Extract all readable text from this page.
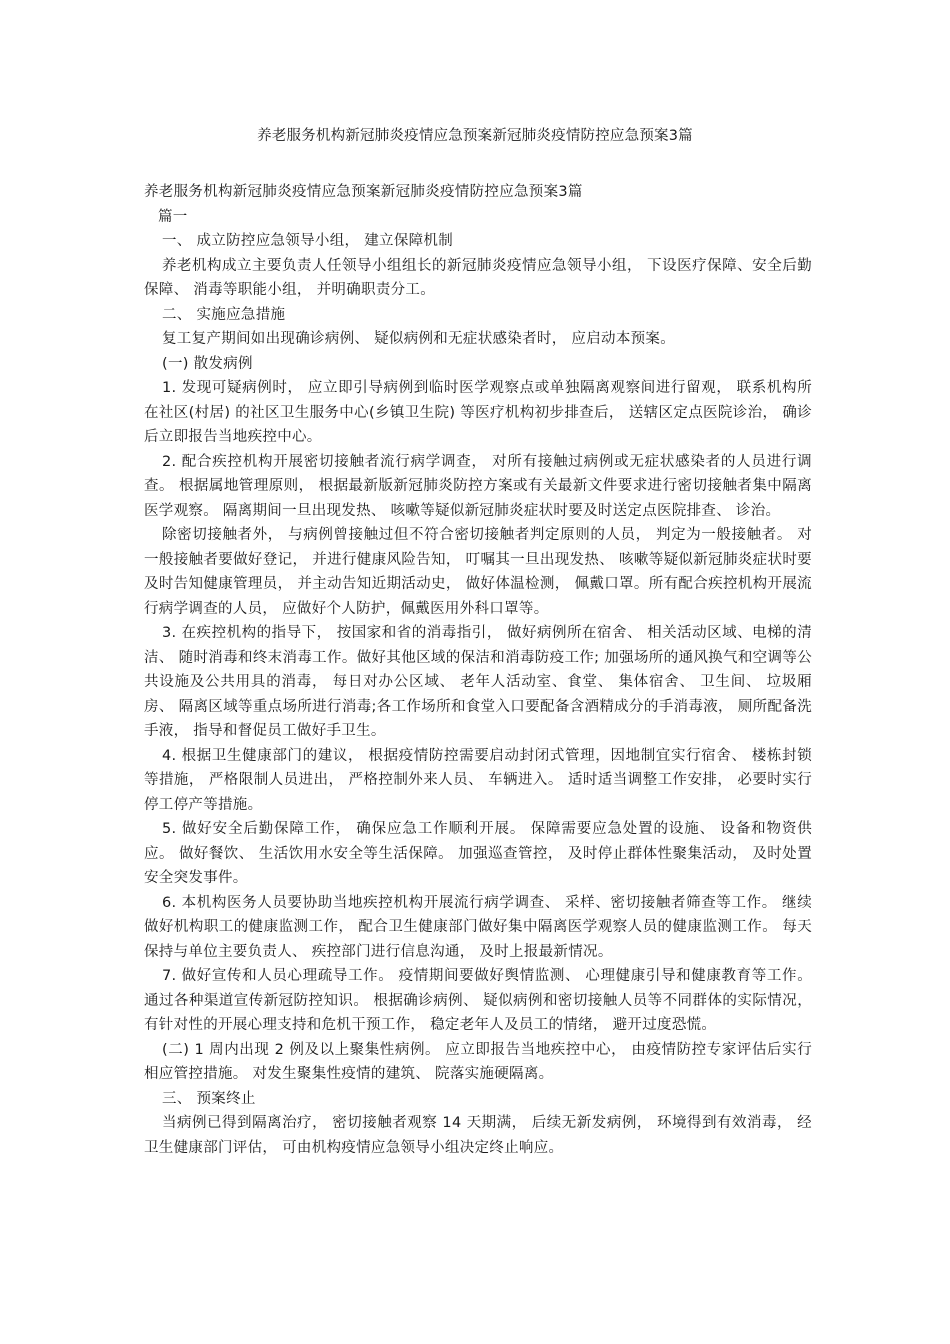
养老服务机构新冠肺炎疫情应急预案新冠肺炎疫情防控应急预案3篇

养老服务机构新冠肺炎疫情应急预案新冠肺炎疫情防控应急预案3篇

篇一

一、 成立防控应急领导小组， 建立保障机制

养老机构成立主要负责人任领导小组组长的新冠肺炎疫情应急领导小组， 下设医疗保障、安全后勤保障、 消毒等职能小组， 并明确职责分工。

二、 实施应急措施

复工复产期间如出现确诊病例、 疑似病例和无症状感染者时， 应启动本预案。

(一) 散发病例

1. 发现可疑病例时， 应立即引导病例到临时医学观察点或单独隔离观察间进行留观， 联系机构所在社区(村居) 的社区卫生服务中心(乡镇卫生院) 等医疗机构初步排查后， 送辖区定点医院诊治， 确诊后立即报告当地疾控中心。

2. 配合疾控机构开展密切接触者流行病学调查， 对所有接触过病例或无症状感染者的人员进行调查。 根据属地管理原则， 根据最新版新冠肺炎防控方案或有关最新文件要求进行密切接触者集中隔离医学观察。 隔离期间一旦出现发热、 咳嗽等疑似新冠肺炎症状时要及时送定点医院排查、 诊治。

除密切接触者外， 与病例曾接触过但不符合密切接触者判定原则的人员， 判定为一般接触者。 对一般接触者要做好登记， 并进行健康风险告知， 叮嘱其一旦出现发热、 咳嗽等疑似新冠肺炎症状时要及时告知健康管理员， 并主动告知近期活动史， 做好体温检测， 佩戴口罩。所有配合疾控机构开展流行病学调查的人员， 应做好个人防护，佩戴医用外科口罩等。

3. 在疾控机构的指导下， 按国家和省的消毒指引， 做好病例所在宿舍、 相关活动区域、电梯的清洁、 随时消毒和终末消毒工作。做好其他区域的保洁和消毒防疫工作; 加强场所的通风换气和空调等公共设施及公共用具的消毒， 每日对办公区域、 老年人活动室、食堂、 集体宿舍、 卫生间、 垃圾厢房、 隔离区域等重点场所进行消毒;各工作场所和食堂入口要配备含酒精成分的手消毒液， 厕所配备洗手液， 指导和督促员工做好手卫生。

4. 根据卫生健康部门的建议， 根据疫情防控需要启动封闭式管理，因地制宜实行宿舍、 楼栋封锁等措施， 严格限制人员进出， 严格控制外来人员、 车辆进入。 适时适当调整工作安排， 必要时实行停工停产等措施。

5. 做好安全后勤保障工作， 确保应急工作顺利开展。 保障需要应急处置的设施、 设备和物资供应。 做好餐饮、 生活饮用水安全等生活保障。 加强巡查管控， 及时停止群体性聚集活动， 及时处置安全突发事件。

6. 本机构医务人员要协助当地疾控机构开展流行病学调查、 采样、密切接触者筛查等工作。 继续做好机构职工的健康监测工作， 配合卫生健康部门做好集中隔离医学观察人员的健康监测工作。 每天保持与单位主要负责人、 疾控部门进行信息沟通， 及时上报最新情况。

7. 做好宣传和人员心理疏导工作。 疫情期间要做好舆情监测、 心理健康引导和健康教育等工作。 通过各种渠道宣传新冠防控知识。 根据确诊病例、 疑似病例和密切接触人员等不同群体的实际情况， 有针对性的开展心理支持和危机干预工作， 稳定老年人及员工的情绪， 避开过度恐慌。

(二) 1 周内出现 2 例及以上聚集性病例。 应立即报告当地疾控中心， 由疫情防控专家评估后实行相应管控措施。 对发生聚集性疫情的建筑、 院落实施硬隔离。

三、 预案终止

当病例已得到隔离治疗， 密切接触者观察 14 天期满， 后续无新发病例， 环境得到有效消毒， 经卫生健康部门评估， 可由机构疫情应急领导小组决定终止响应。
